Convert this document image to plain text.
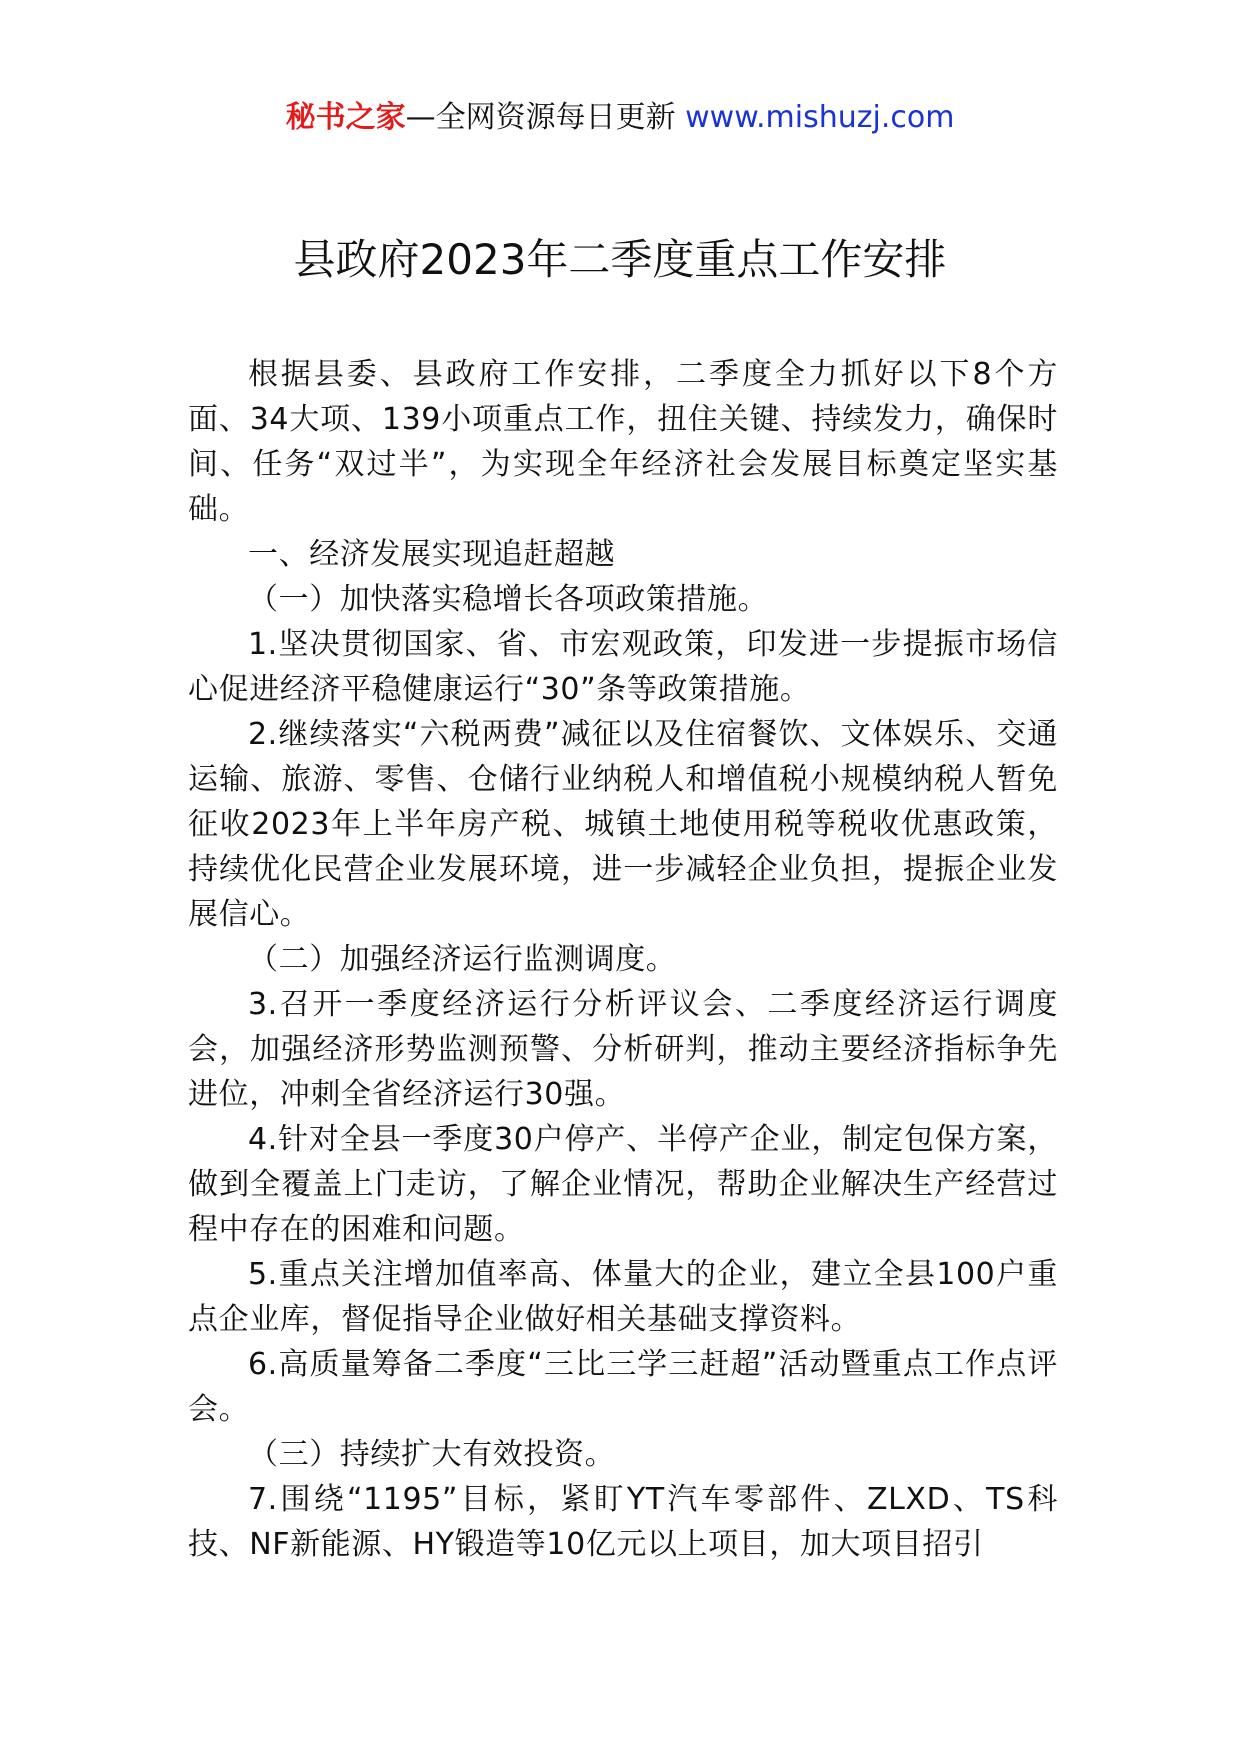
秘书之家—全网资源每日更新 www.mishuzj.com
县政府2023年二季度重点工作安排

根据县委、县政府工作安排，二季度全力抓好以下8个方面、34大项、139小项重点工作，扭住关键、持续发力，确保时间、任务“双过半”，为实现全年经济社会发展目标奠定坚实基础。

一、经济发展实现追赶超越

（一）加快落实稳增长各项政策措施。

1.坚决贯彻国家、省、市宏观政策，印发进一步提振市场信心促进经济平稳健康运行“30”条等政策措施。

2.继续落实“六税两费”减征以及住宿餐饮、文体娱乐、交通运输、旅游、零售、仓储行业纳税人和增值税小规模纳税人暂免征收2023年上半年房产税、城镇土地使用税等税收优惠政策，持续优化民营企业发展环境，进一步减轻企业负担，提振企业发展信心。

（二）加强经济运行监测调度。

3.召开一季度经济运行分析评议会、二季度经济运行调度会，加强经济形势监测预警、分析研判，推动主要经济指标争先进位，冲刺全省经济运行30强。

4.针对全县一季度30户停产、半停产企业，制定包保方案，做到全覆盖上门走访，了解企业情况，帮助企业解决生产经营过程中存在的困难和问题。

5.重点关注增加值率高、体量大的企业，建立全县100户重点企业库，督促指导企业做好相关基础支撑资料。

6.高质量筹备二季度“三比三学三赶超”活动暨重点工作点评会。

（三）持续扩大有效投资。

7.围绕“1195”目标，紧盯YT汽车零部件、ZLXD、TS科技、NF新能源、HY锻造等10亿元以上项目，加大项目招引
